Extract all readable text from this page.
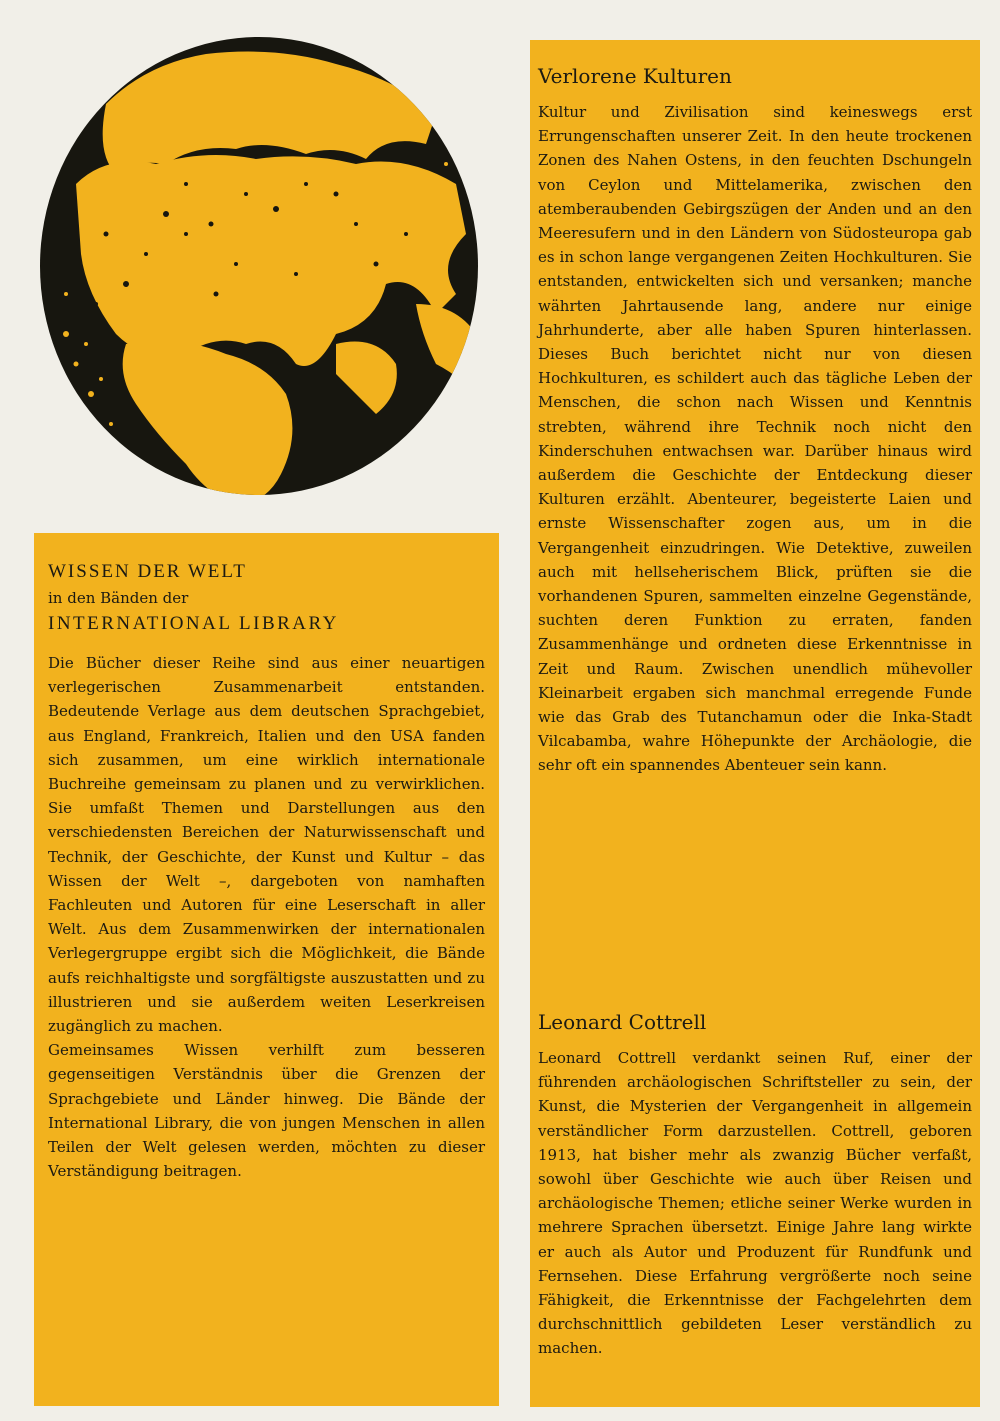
WISSEN DER WELT

in den Bänden der

INTERNATIONAL LIBRARY

Die Bücher dieser Reihe sind aus einer neuartigen verlegerischen Zusammenarbeit entstanden. Bedeutende Verlage aus dem deutschen Sprachgebiet, aus England, Frankreich, Italien und den USA fanden sich zusammen, um eine wirklich internationale Buchreihe gemeinsam zu planen und zu verwirklichen. Sie umfaßt Themen und Darstellungen aus den verschiedensten Bereichen der Naturwissenschaft und Technik, der Geschichte, der Kunst und Kultur – das Wissen der Welt –, dargeboten von namhaften Fachleuten und Autoren für eine Leserschaft in aller Welt. Aus dem Zusammenwirken der internationalen Verlegergruppe ergibt sich die Möglichkeit, die Bände aufs reichhaltigste und sorgfältigste auszustatten und zu illustrieren und sie außerdem weiten Leserkreisen zugänglich zu machen.

Gemeinsames Wissen verhilft zum besseren gegenseitigen Verständnis über die Grenzen der Sprachgebiete und Länder hinweg. Die Bände der International Library, die von jungen Menschen in allen Teilen der Welt gelesen werden, möchten zu dieser Verständigung beitragen.

Verlorene Kulturen

Kultur und Zivilisation sind keineswegs erst Errungenschaften unserer Zeit. In den heute trockenen Zonen des Nahen Ostens, in den feuchten Dschungeln von Ceylon und Mittelamerika, zwischen den atemberaubenden Gebirgszügen der Anden und an den Meeresufern und in den Ländern von Südosteuropa gab es in schon lange vergangenen Zeiten Hochkulturen. Sie entstanden, entwickelten sich und versanken; manche währten Jahrtausende lang, andere nur einige Jahrhunderte, aber alle haben Spuren hinterlassen. Dieses Buch berichtet nicht nur von diesen Hochkulturen, es schildert auch das tägliche Leben der Menschen, die schon nach Wissen und Kenntnis strebten, während ihre Technik noch nicht den Kinderschuhen entwachsen war. Darüber hinaus wird außerdem die Geschichte der Entdeckung dieser Kulturen erzählt. Abenteurer, begeisterte Laien und ernste Wissenschafter zogen aus, um in die Vergangenheit einzudringen. Wie Detektive, zuweilen auch mit hellseherischem Blick, prüften sie die vorhandenen Spuren, sammelten einzelne Gegenstände, suchten deren Funktion zu erraten, fanden Zusammenhänge und ordneten diese Erkenntnisse in Zeit und Raum. Zwischen unendlich mühevoller Kleinarbeit ergaben sich manchmal erregende Funde wie das Grab des Tutanchamun oder die Inka-Stadt Vilcabamba, wahre Höhepunkte der Archäologie, die sehr oft ein spannendes Abenteuer sein kann.

Leonard Cottrell

Leonard Cottrell verdankt seinen Ruf, einer der führenden archäologischen Schriftsteller zu sein, der Kunst, die Mysterien der Vergangenheit in allgemein verständlicher Form darzustellen. Cottrell, geboren 1913, hat bisher mehr als zwanzig Bücher verfaßt, sowohl über Geschichte wie auch über Reisen und archäologische Themen; etliche seiner Werke wurden in mehrere Sprachen übersetzt. Einige Jahre lang wirkte er auch als Autor und Produzent für Rundfunk und Fernsehen. Diese Erfahrung vergrößerte noch seine Fähigkeit, die Erkenntnisse der Fachgelehrten dem durchschnittlich gebildeten Leser verständlich zu machen.
